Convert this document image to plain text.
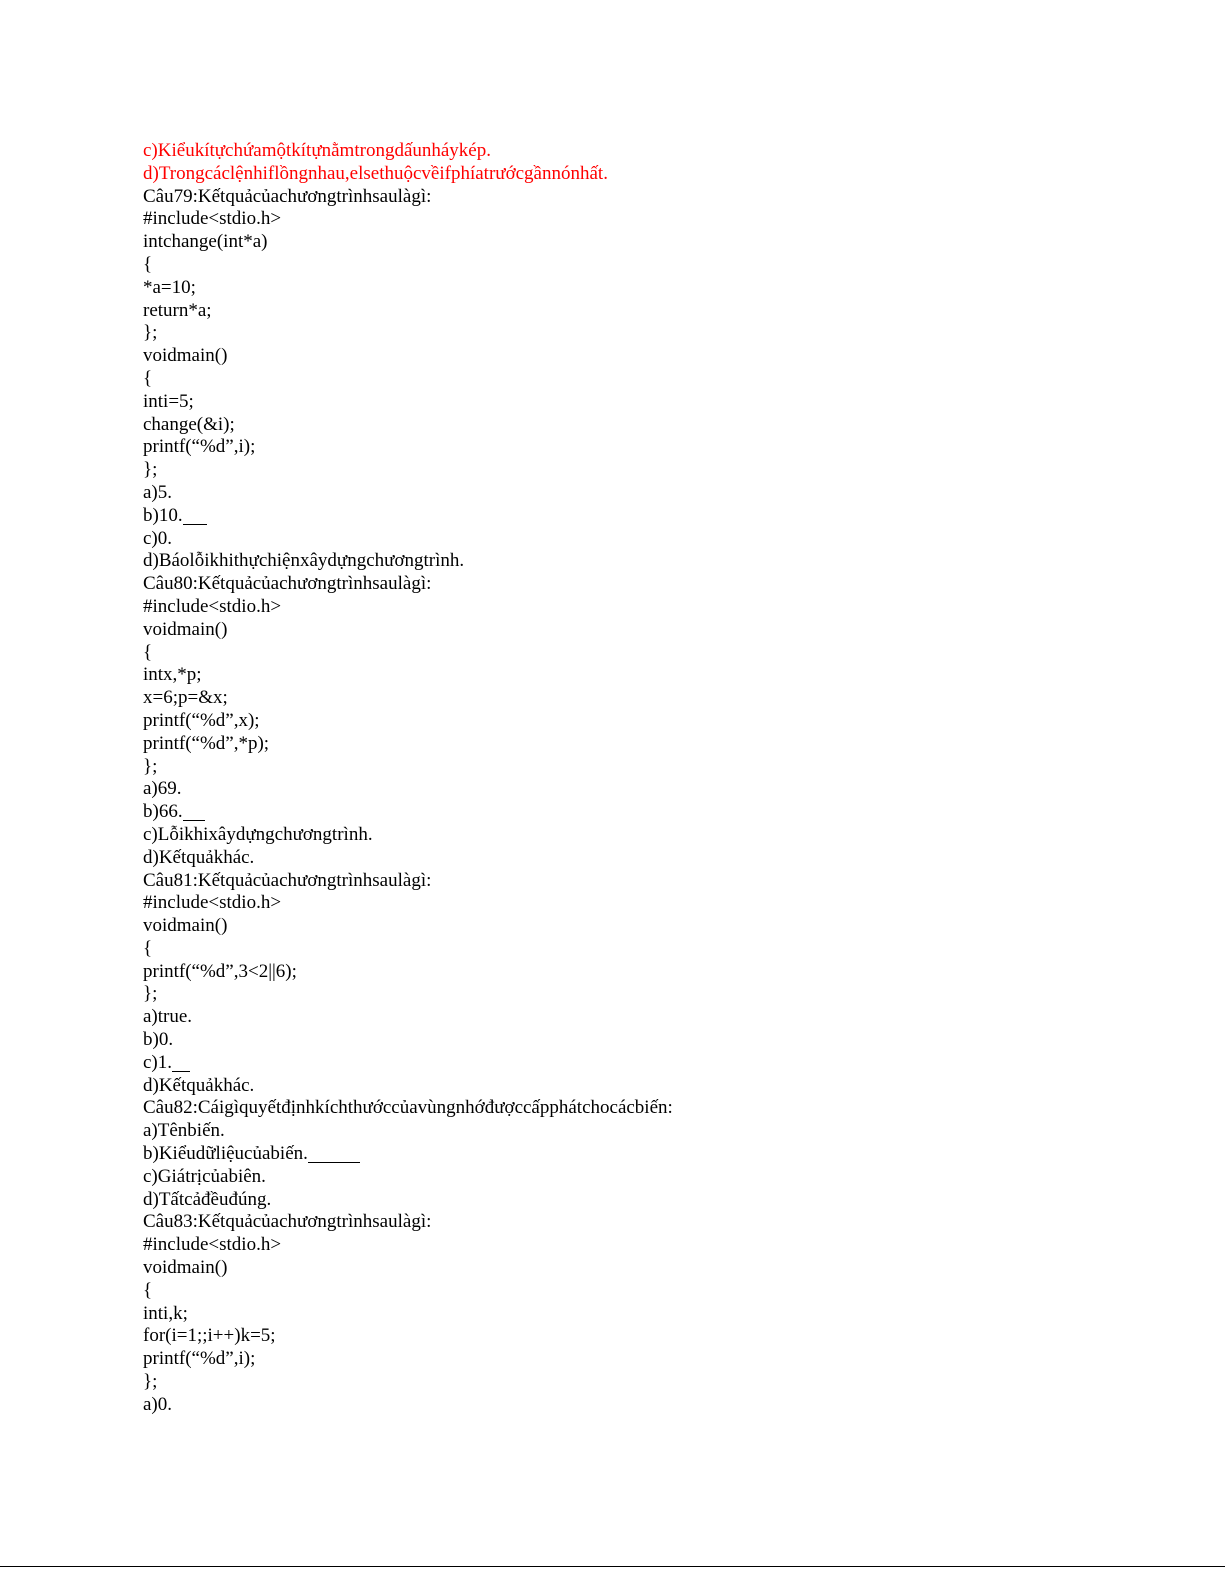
c)Kiểukítựchứamộtkítựnằmtrongdấunháykép.
d)Trongcáclệnhiflồngnhau,elsethuộcvềifphíatrướcgầnnónhất.
Câu79:Kếtquảcủachươngtrìnhsaulàgì:
#include<stdio.h>
intchange(int*a)
{
*a=10;
return*a;
};
voidmain()
{
inti=5;
change(&i);
printf(“%d”,i);
};
a)5.
b)10.
c)0.
d)Báolỗikhithựchiệnxâydựngchươngtrình.
Câu80:Kếtquảcủachươngtrìnhsaulàgì:
#include<stdio.h>
voidmain()
{
intx,*p;
x=6;p=&x;
printf(“%d”,x);
printf(“%d”,*p);
};
a)69.
b)66.
c)Lỗikhixâydựngchươngtrình.
d)Kếtquảkhác.
Câu81:Kếtquảcủachươngtrìnhsaulàgì:
#include<stdio.h>
voidmain()
{
printf(“%d”,3<2||6);
};
a)true.
b)0.
c)1.
d)Kếtquảkhác.
Câu82:Cáigìquyếtđịnhkíchthướccủavùngnhớđượccấpphátchocácbiến:
a)Tênbiến.
b)Kiểudữliệucủabiến.
c)Giátrịcủabiên.
d)Tấtcảđềuđúng.
Câu83:Kếtquảcủachươngtrìnhsaulàgì:
#include<stdio.h>
voidmain()
{
inti,k;
for(i=1;;i++)k=5;
printf(“%d”,i);
};
a)0.
